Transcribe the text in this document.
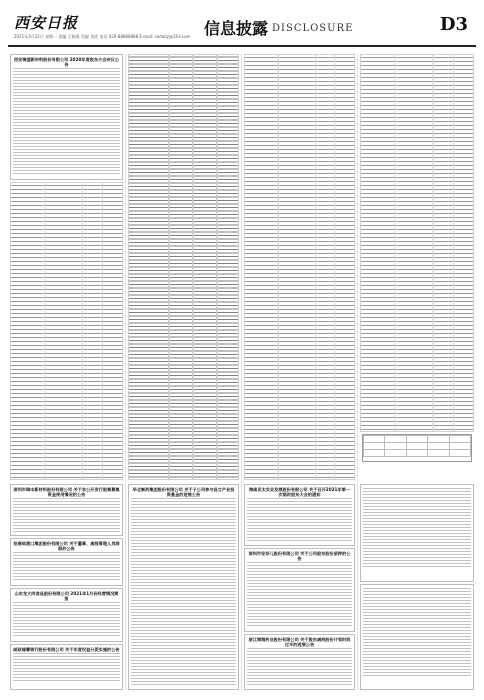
西安日报
2021年3月22日 星期一 责编 王晓燕 美编 刘尚 电话 029-88888888 E-mail: xadaily@163.com 信息披露 DISCLOSURE	D3
西安瑞盛新材料股份有限公司 2020年度股东大会决议公告
深圳市瑞丰新材料股份有限公司 关于非公开发行股票募集资金使用情况的公告
招商局港口集团股份有限公司 关于董事、高级管理人员辞职的公告
山东龙大肉食品股份有限公司 2021年1月份经营情况简报
邮政储蓄银行股份有限公司 关于年度权益分派实施的公告
华北制药集团股份有限公司 关于子公司参与设立产业投资基金的进展公告
海南亚太实业发展股份有限公司 关于召开2021年第一次临时股东大会的通知
深圳市安奈儿股份有限公司 关于公司股东股份质押的公告
浙江海翔药业股份有限公司 关于股东减持股份计划时间过半的进展公告
